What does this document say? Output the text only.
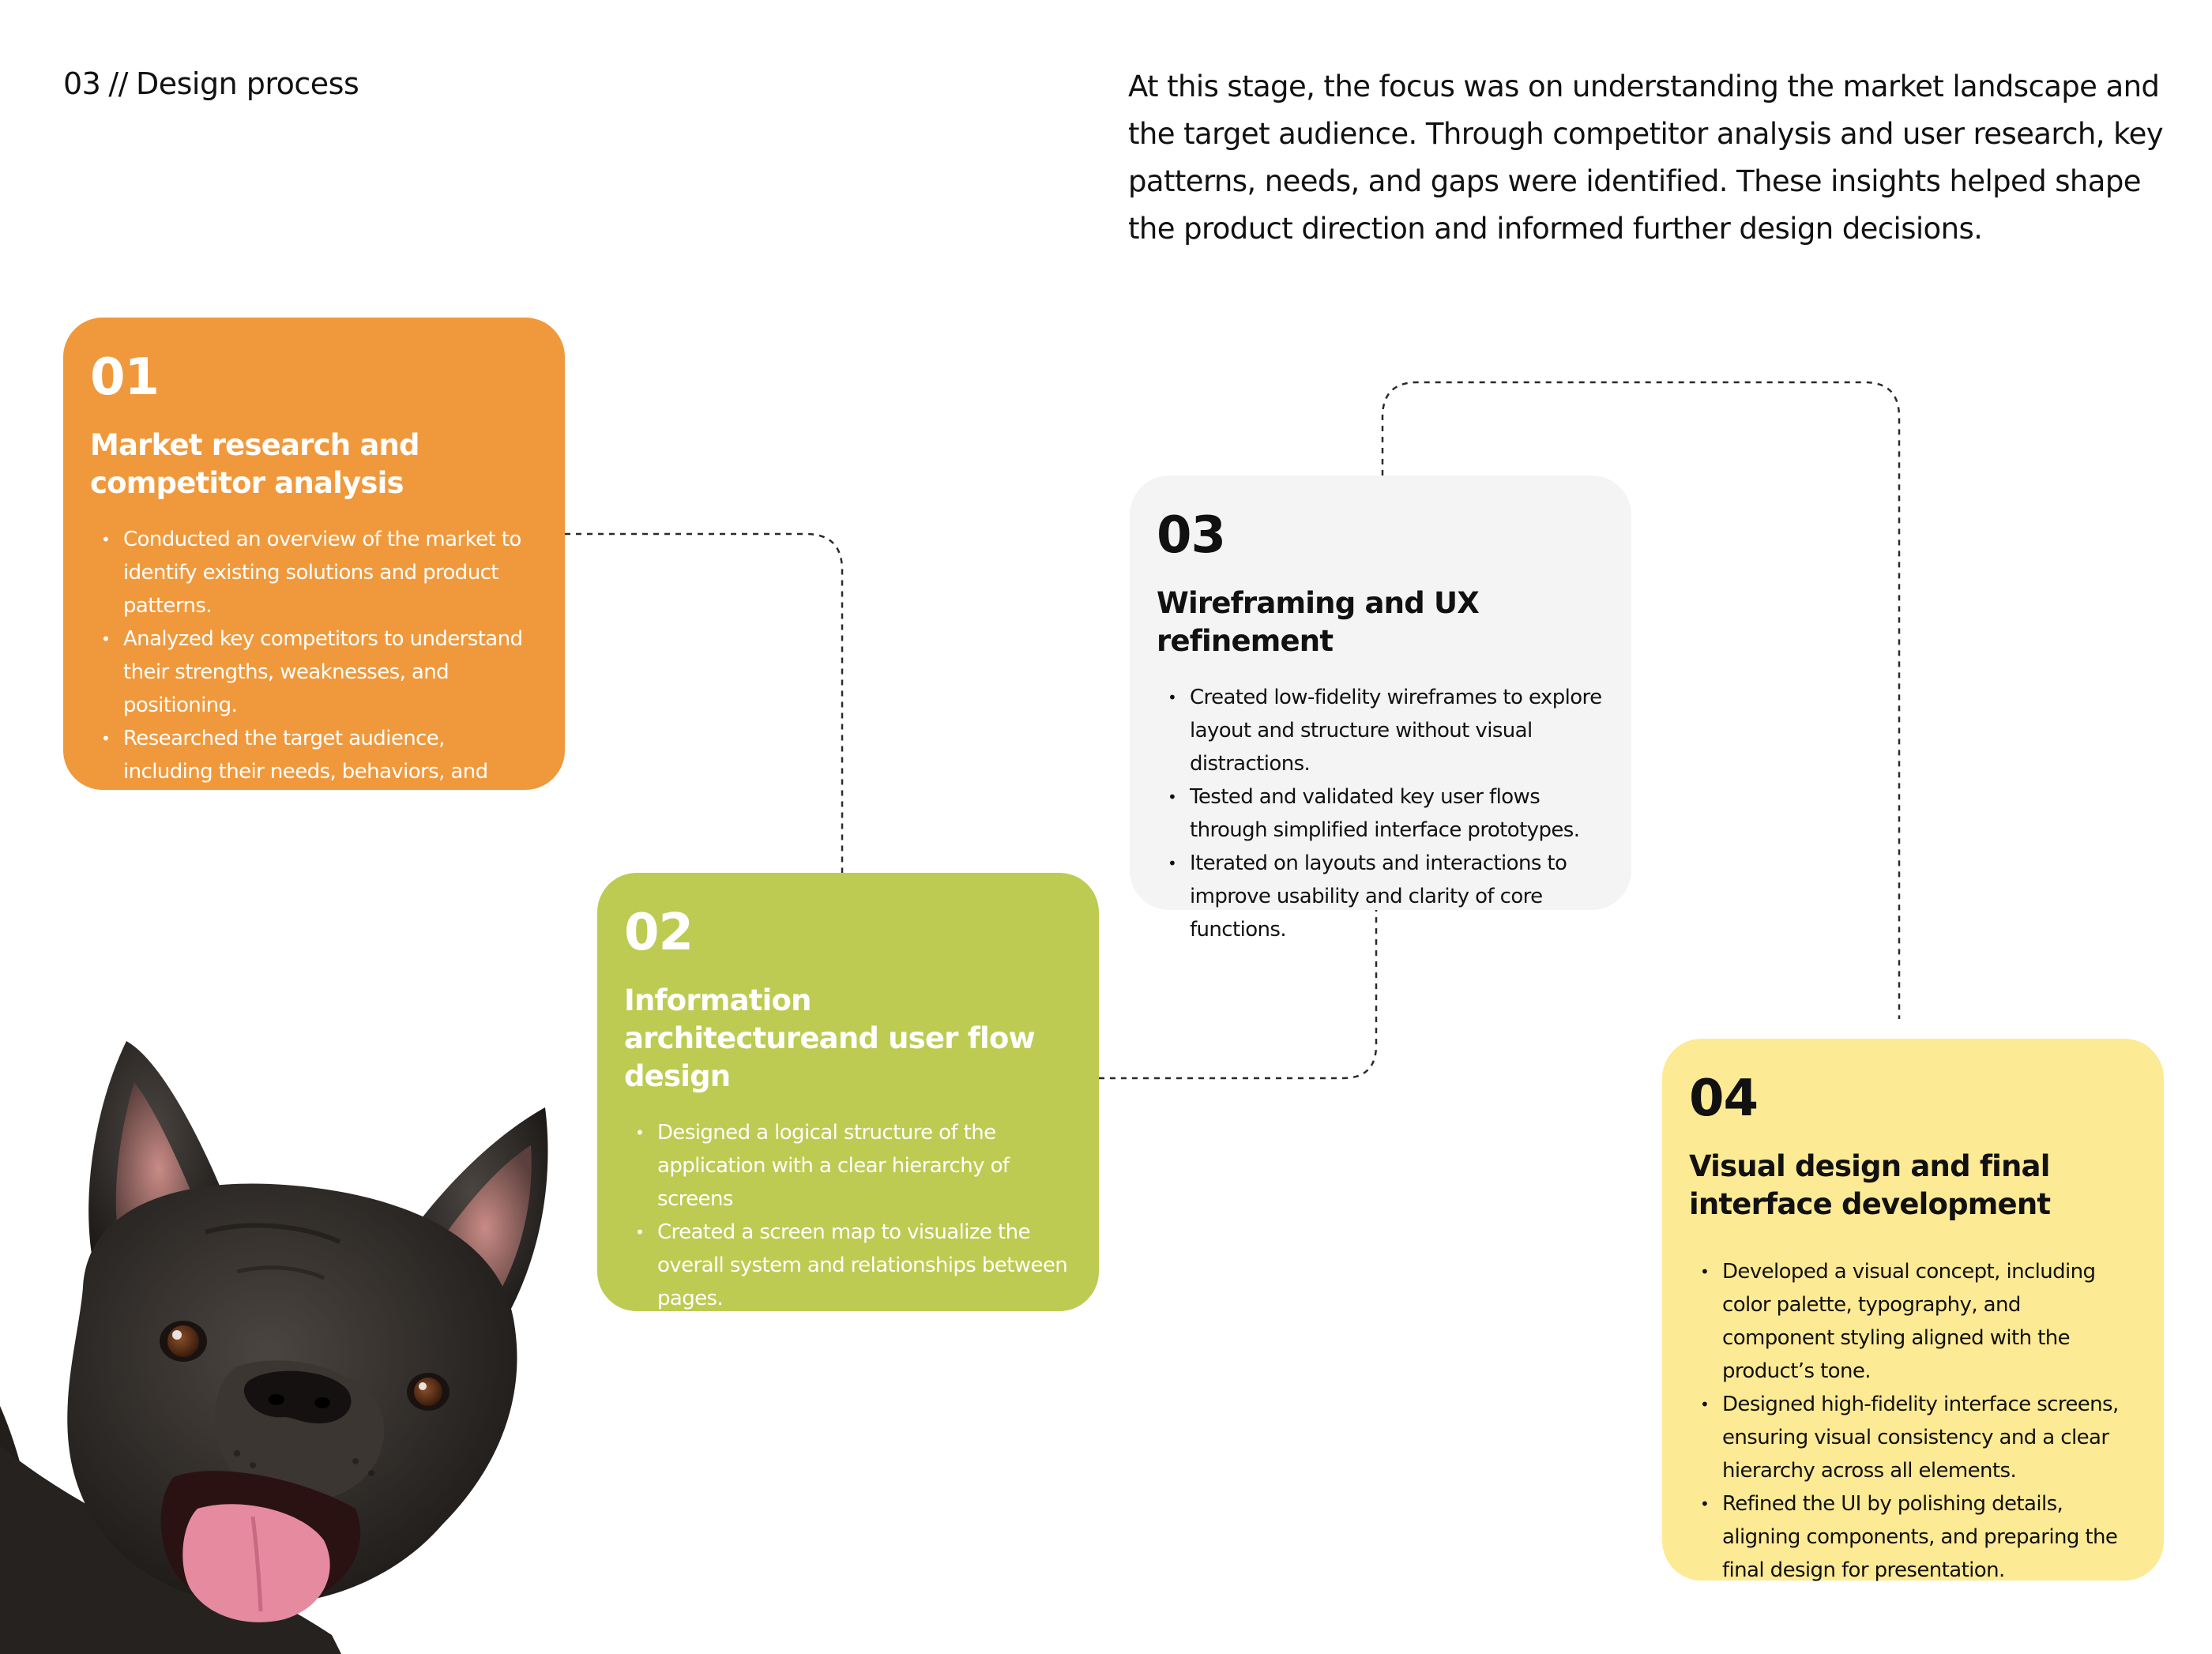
03 // Design process	At this stage, the focus was on understanding the market landscape and the target audience. Through competitor analysis and user research, key patterns, needs, and gaps were identified. These insights helped shape the product direction and informed further design decisions.

01
Market research and competitor analysis
• Conducted an overview of the market to identify existing solutions and product patterns.
• Analyzed key competitors to understand their strengths, weaknesses, and positioning.
• Researched the target audience, including their needs, behaviors, and expectations.
02
Information architectureand user flow design
• Designed a logical structure of the application with a clear hierarchy of screens
• Created a screen map to visualize the overall system and relationships between pages.
• Developed user flows outlining key interaction paths within the app.
03
Wireframing and UX refinement
• Created low-fidelity wireframes to explore layout and structure without visual distractions.
• Tested and validated key user flows through simplified interface prototypes.
• Iterated on layouts and interactions to improve usability and clarity of core functions.
04
Visual design and final interface development
• Developed a visual concept, including color palette, typography, and component styling aligned with the product’s tone.
• Designed high-fidelity interface screens, ensuring visual consistency and a clear hierarchy across all elements.
• Refined the UI by polishing details, aligning components, and preparing the final design for presentation.
